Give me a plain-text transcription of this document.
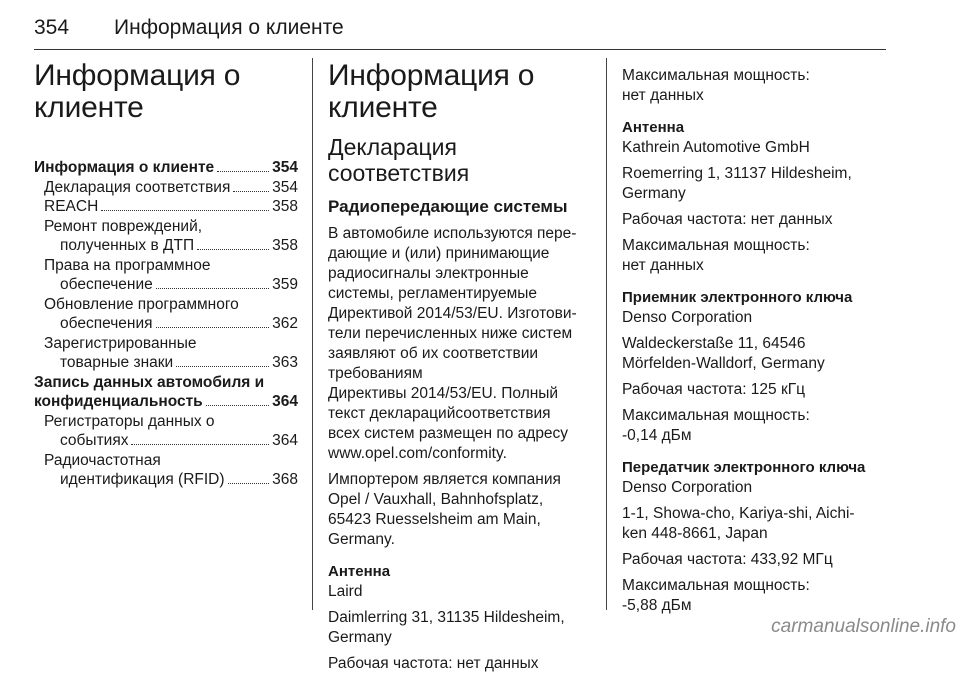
354 Информация о клиенте
Информация о
клиенте
Информация о клиенте	354
Декларация соответствия	354
REACH	358
Ремонт повреждений,
полученных в ДТП	358
Права на программное
обеспечение	359
Обновление программного
обеспечения	362
Зарегистрированные
товарные знаки	363
Запись данных автомобиля и
конфиденциальность	364
Регистраторы данных о
событиях	364
Радиочастотная
идентификация (RFID)	368
Информация о
клиенте
Декларация соответствия
Радиопередающие системы
В автомобиле используются пере-
дающие и (или) принимающие
радиосигналы электронные
системы, регламентируемые
Директивой 2014/53/EU. Изготови-
тели перечисленных ниже систем
заявляют об их соответствии
требованиям
Директивы 2014/53/EU. Полный
текст декларацийсоответствия
всех систем размещен по адресу
www.opel.com/conformity.
Импортером является компания
Opel / Vauxhall, Bahnhofsplatz,
65423 Ruesselsheim am Main,
Germany.
Антенна
Laird
Daimlerring 31, 31135 Hildesheim,
Germany
Рабочая частота: нет данных
Максимальная мощность:
нет данных
Антенна
Kathrein Automotive GmbH
Roemerring 1, 31137 Hildesheim,
Germany
Рабочая частота: нет данных
Максимальная мощность:
нет данных
Приемник электронного ключа
Denso Corporation
Waldeckerstaße 11, 64546
Mörfelden-Walldorf, Germany
Рабочая частота: 125 кГц
Максимальная мощность:
-0,14 дБм
Передатчик электронного ключа
Denso Corporation
1-1, Showa-cho, Kariya-shi, Aichi-
ken 448-8661, Japan
Рабочая частота: 433,92 МГц
Максимальная мощность:
-5,88 дБм
carmanualsonline.info
